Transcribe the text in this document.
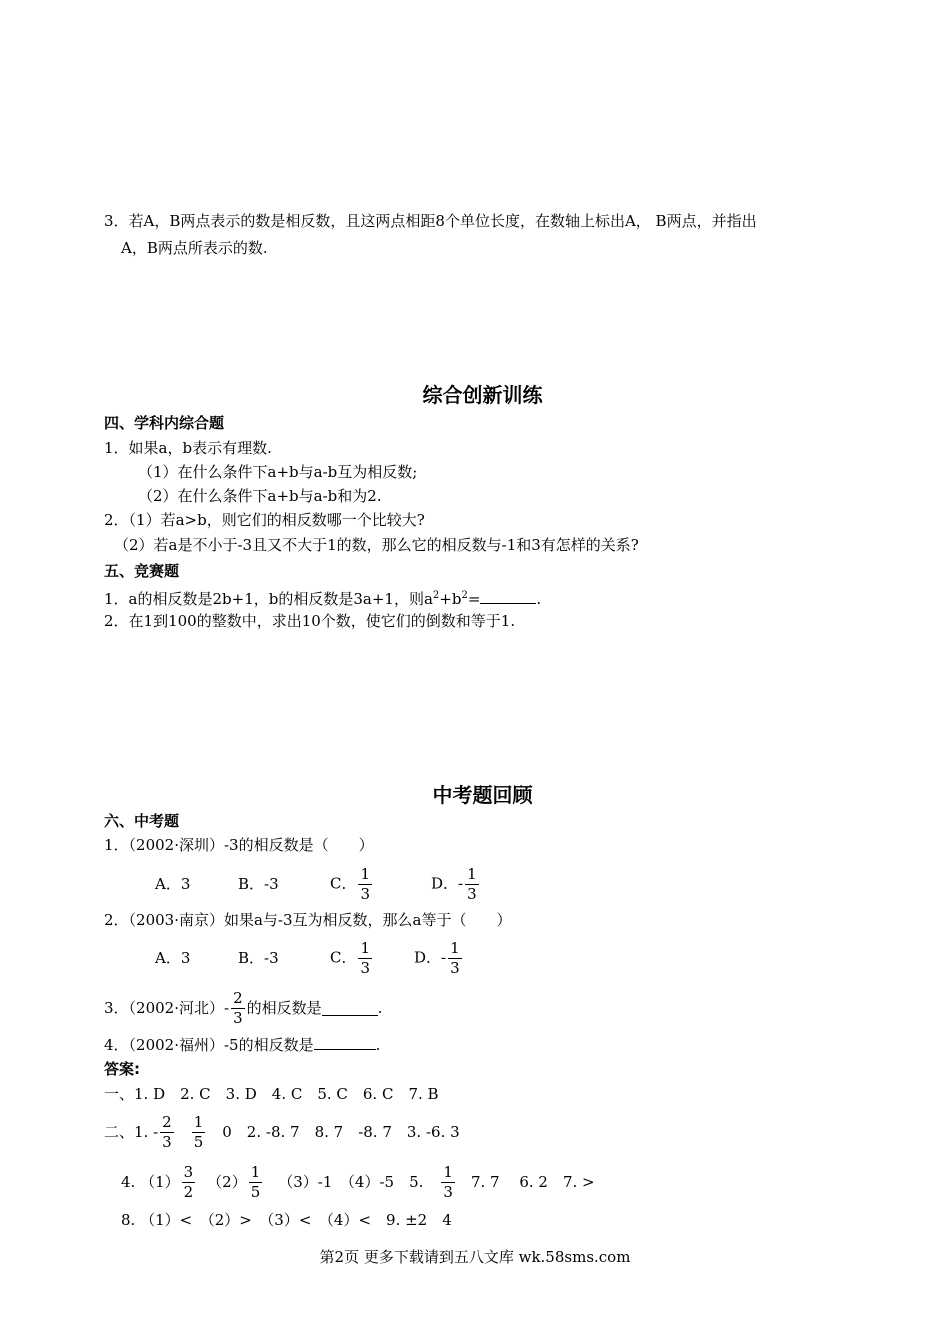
3．若A，B两点表示的数是相反数，且这两点相距8个单位长度，在数轴上标出A， B两点，并指出
A，B两点所表示的数.
综合创新训练
四、学科内综合题
1．如果a，b表示有理数.
（1）在什么条件下a+b与a-b互为相反数;
（2）在什么条件下a+b与a-b和为2.
2．（1）若a>b，则它们的相反数哪一个比较大?
（2）若a是不小于-3且又不大于1的数，那么它的相反数与-1和3有怎样的关系?
五、竞赛题
1．a的相反数是2b+1，b的相反数是3a+1，则$a^2+b^2=$	.
2．在1到100的整数中，求出10个数，使它们的倒数和等于1.
中考题回顾
六、中考题
1．（2002·深圳）-3的相反数是（　　）
A．3	B．-3	C． $\frac{1}{3}$	D．- $\frac{1}{3}$
2．（2003·南京）如果a与-3互为相反数，那么a等于（　　）
A．3	B．-3	C． $\frac{1}{3}$	D．- $\frac{1}{3}$
3．（2002·河北）- $\frac{2}{3}$ 的相反数是	.
4．（2002·福州）-5的相反数是	.
答案:
一、1. D　2. C　3. D　4. C　5. C　6. C　7. B
二、1. - $\frac{2}{3} \frac{1}{5}$ 　0　2. -8. 7　8. 7　-8. 7　3. -6. 3
4. $(1) \frac{3}{2} (2) \frac{1}{5} (3)-1$　（4）-5　5. $\frac{1}{3} 7$. 7　 6. 2　7. >
8. （1）<　（2）>　（3）<　（4）<　9. ±2　4
第2页 更多下载请到五八文库 wk.58sms.com
